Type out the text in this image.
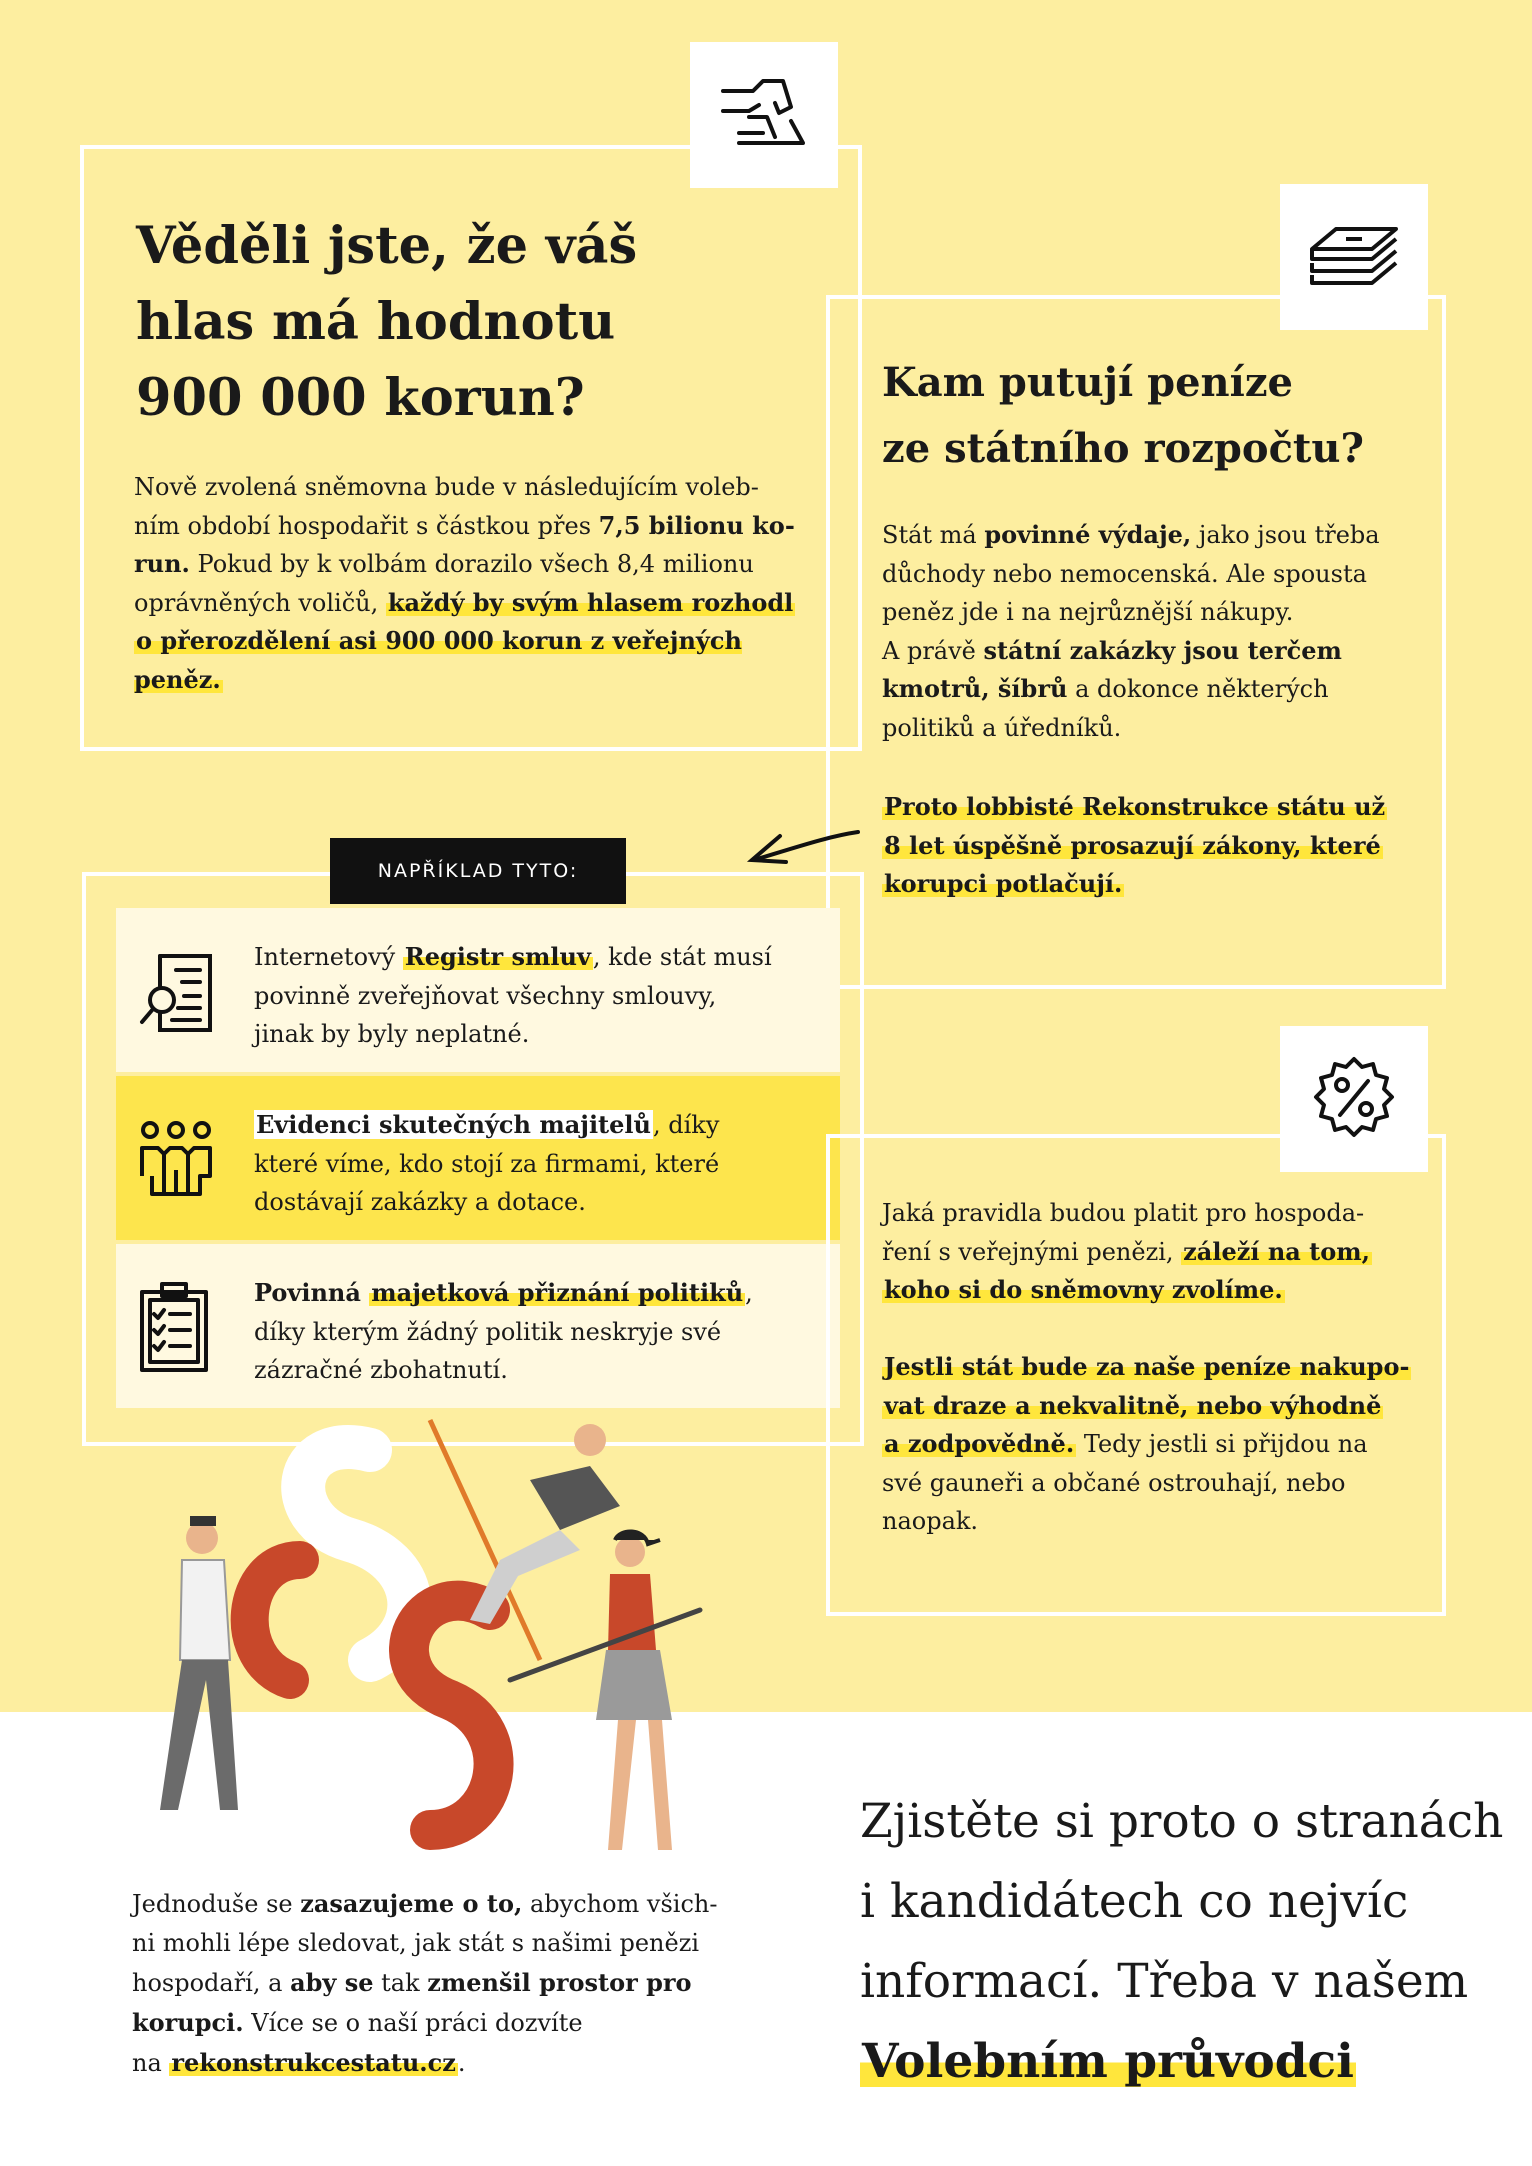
Věděli jste, že váš
hlas má hodnotu
900 000 korun?

Nově zvolená sněmovna bude v následujícím voleb-
ním období hospodařit s částkou přes 7,5 bilionu ko-
run. Pokud by k volbám dorazilo všech 8,4 milionu
oprávněných voličů, každý by svým hlasem rozhodl
o přerozdělení asi 900 000 korun z veřejných peněz.

Kam putují peníze
ze státního rozpočtu?

Stát má povinné výdaje, jako jsou třeba
důchody nebo nemocenská. Ale spousta
peněz jde i na nejrůznější nákupy.
A právě státní zakázky jsou terčem
kmotrů, šíbrů a dokonce některých
politiků a úředníků.

Proto lobbisté Rekonstrukce státu už
8 let úspěšně prosazují zákony, které
korupci potlačují.

NAPŘÍKLAD TYTO:
Internetový Registr smluv, kde stát musí
povinně zveřejňovat všechny smlouvy,
jinak by byly neplatné.
Evidenci skutečných majitelů, díky
které víme, kdo stojí za firmami, které
dostávají zakázky a dotace.
Povinná majetková přiznání politiků,
díky kterým žádný politik neskryje své
zázračné zbohatnutí.

Jaká pravidla budou platit pro hospoda-
ření s veřejnými penězi, záleží na tom,
koho si do sněmovny zvolíme.

Jestli stát bude za naše peníze nakupo-
vat draze a nekvalitně, nebo výhodně
a zodpovědně. Tedy jestli si přijdou na
své gauneři a občané ostrouhají, nebo
naopak.

Jednoduše se zasazujeme o to, abychom všich-
ni mohli lépe sledovat, jak stát s našimi penězi
hospodaří, a aby se tak zmenšil prostor pro
korupci. Více se o naší práci dozvíte
na rekonstrukcestatu.cz.

Zjistěte si proto o stranách
i kandidátech co nejvíc
informací. Třeba v našem
Volebním průvodci
